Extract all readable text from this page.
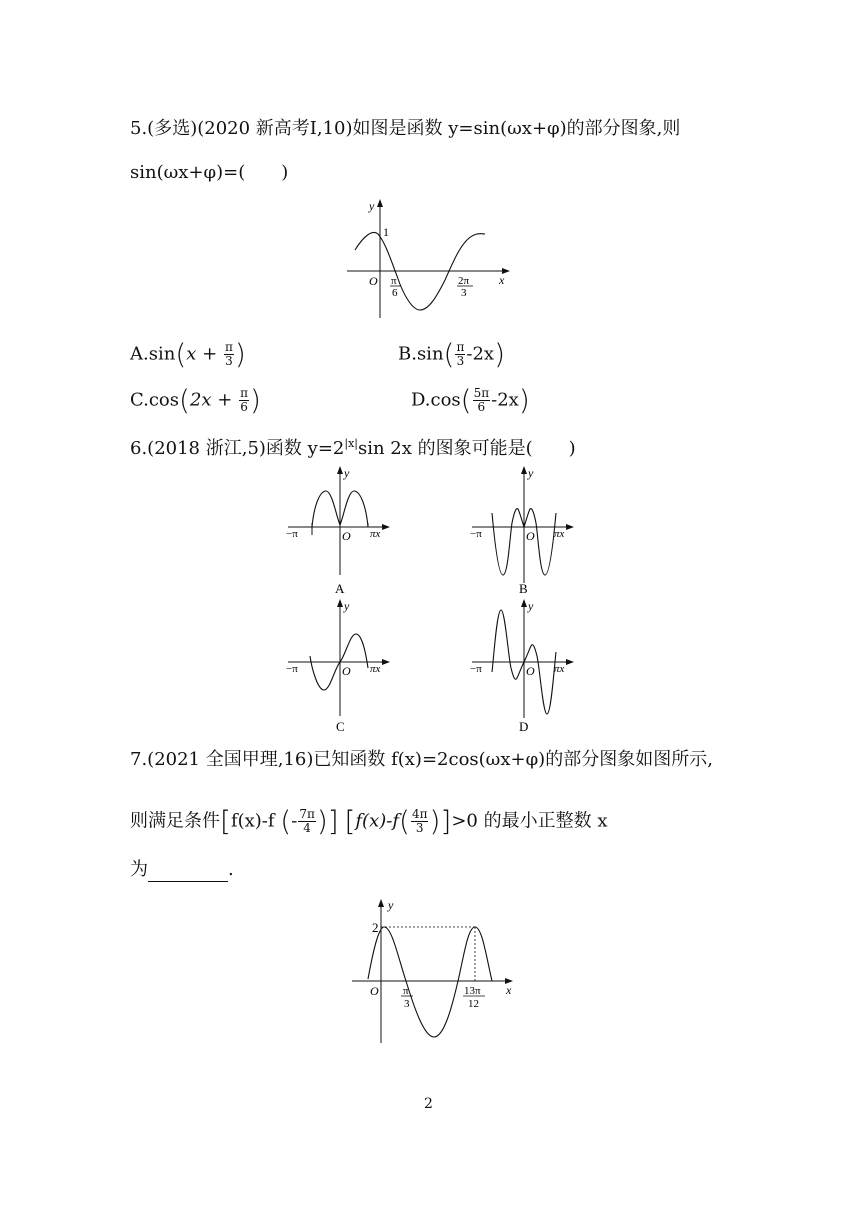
5.(多选)(2020 新高考I,10)如图是函数 y=sin(ωx+φ)的部分图象,则
sin(ωx+φ)=(　　)
y
x
O
1
π
6
2π
3
$A.\sin(x + \frac{\pi}{3}$ )	$B.\sin( \frac{\pi}{3} -2x)$
$C.\cos(2x + \frac{\pi}{6}$ )	$D.\cos( \frac{5\pi}{6} -2x)$
6.(2018 浙江,5)函数 $y=2^{|x|}\sin$ 2x 的图象可能是(　　)
y
−π	O πx
A
y
−π	O πx
B
y
−π	O πx
C
y
−π	O πx
D
7.(2021 全国甲理,16)已知函数 f(x)=2cos(ωx+φ)的部分图象如图所示,
则满足条件[f(x)-f (- $\frac{7\pi}{4}$ )] $[f(x)-f( \frac{4\pi}{3} )]>0$ 的最小正整数 x
为	.
y
2
O	x
π
3
13π
12
2
